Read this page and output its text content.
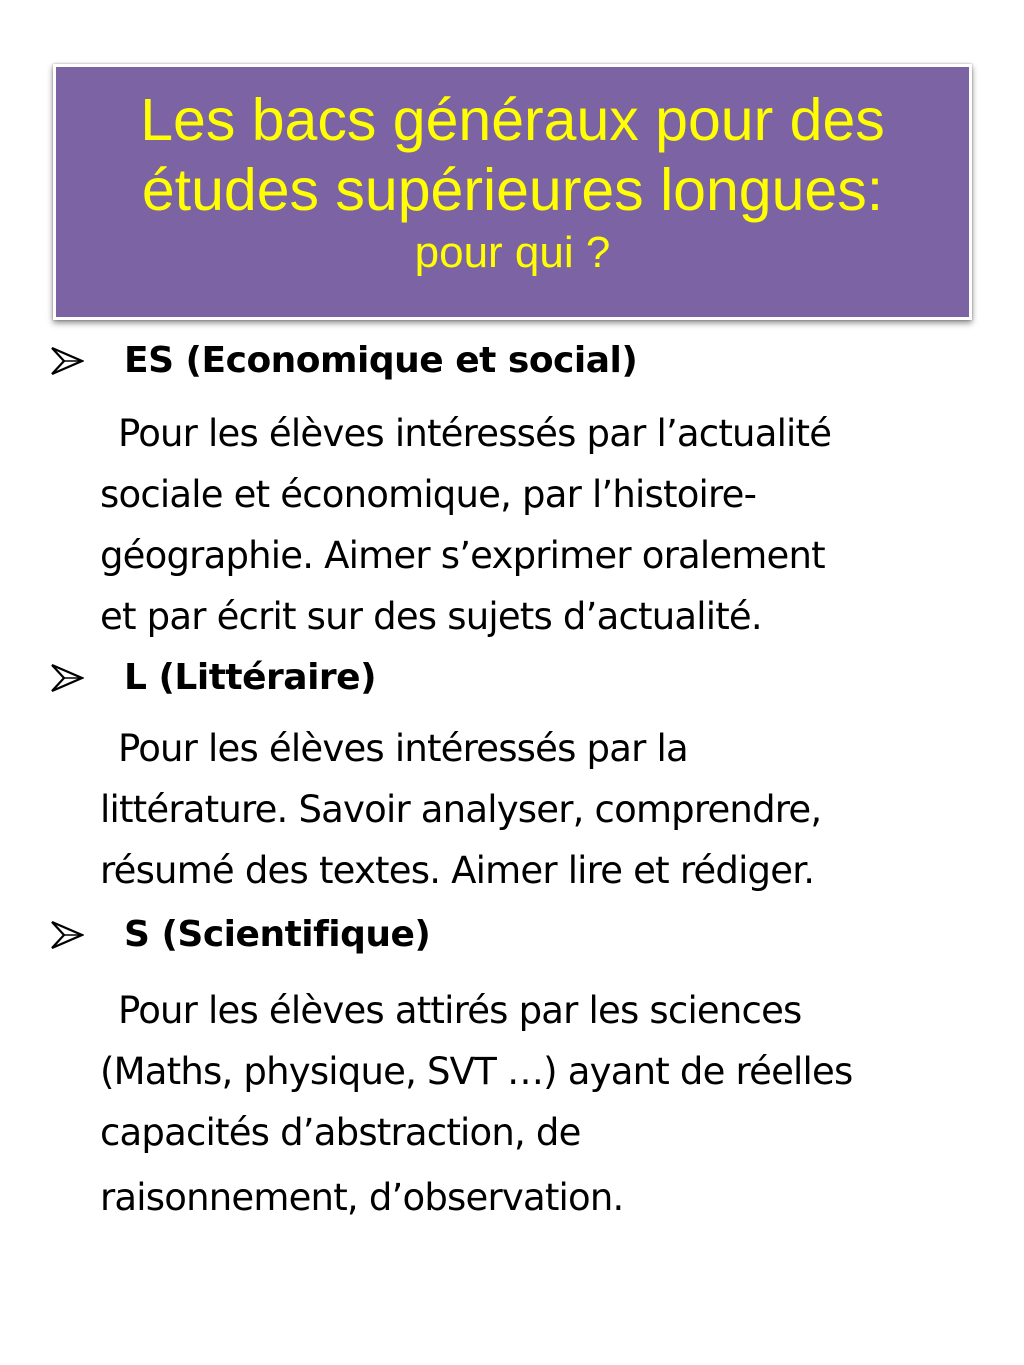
Les bacs généraux pour des
études supérieures longues:
pour qui ?
ES (Economique et social)
Pour les élèves intéressés par l’actualité
sociale et économique, par l’histoire-
géographie. Aimer s’exprimer oralement
et par écrit sur des sujets d’actualité.
L (Littéraire)
Pour les élèves intéressés par la
littérature. Savoir analyser, comprendre,
résumé des textes. Aimer lire et rédiger.
S (Scientifique)
Pour les élèves attirés par les sciences
(Maths, physique, SVT …) ayant de réelles
capacités d’abstraction, de
raisonnement, d’observation.
